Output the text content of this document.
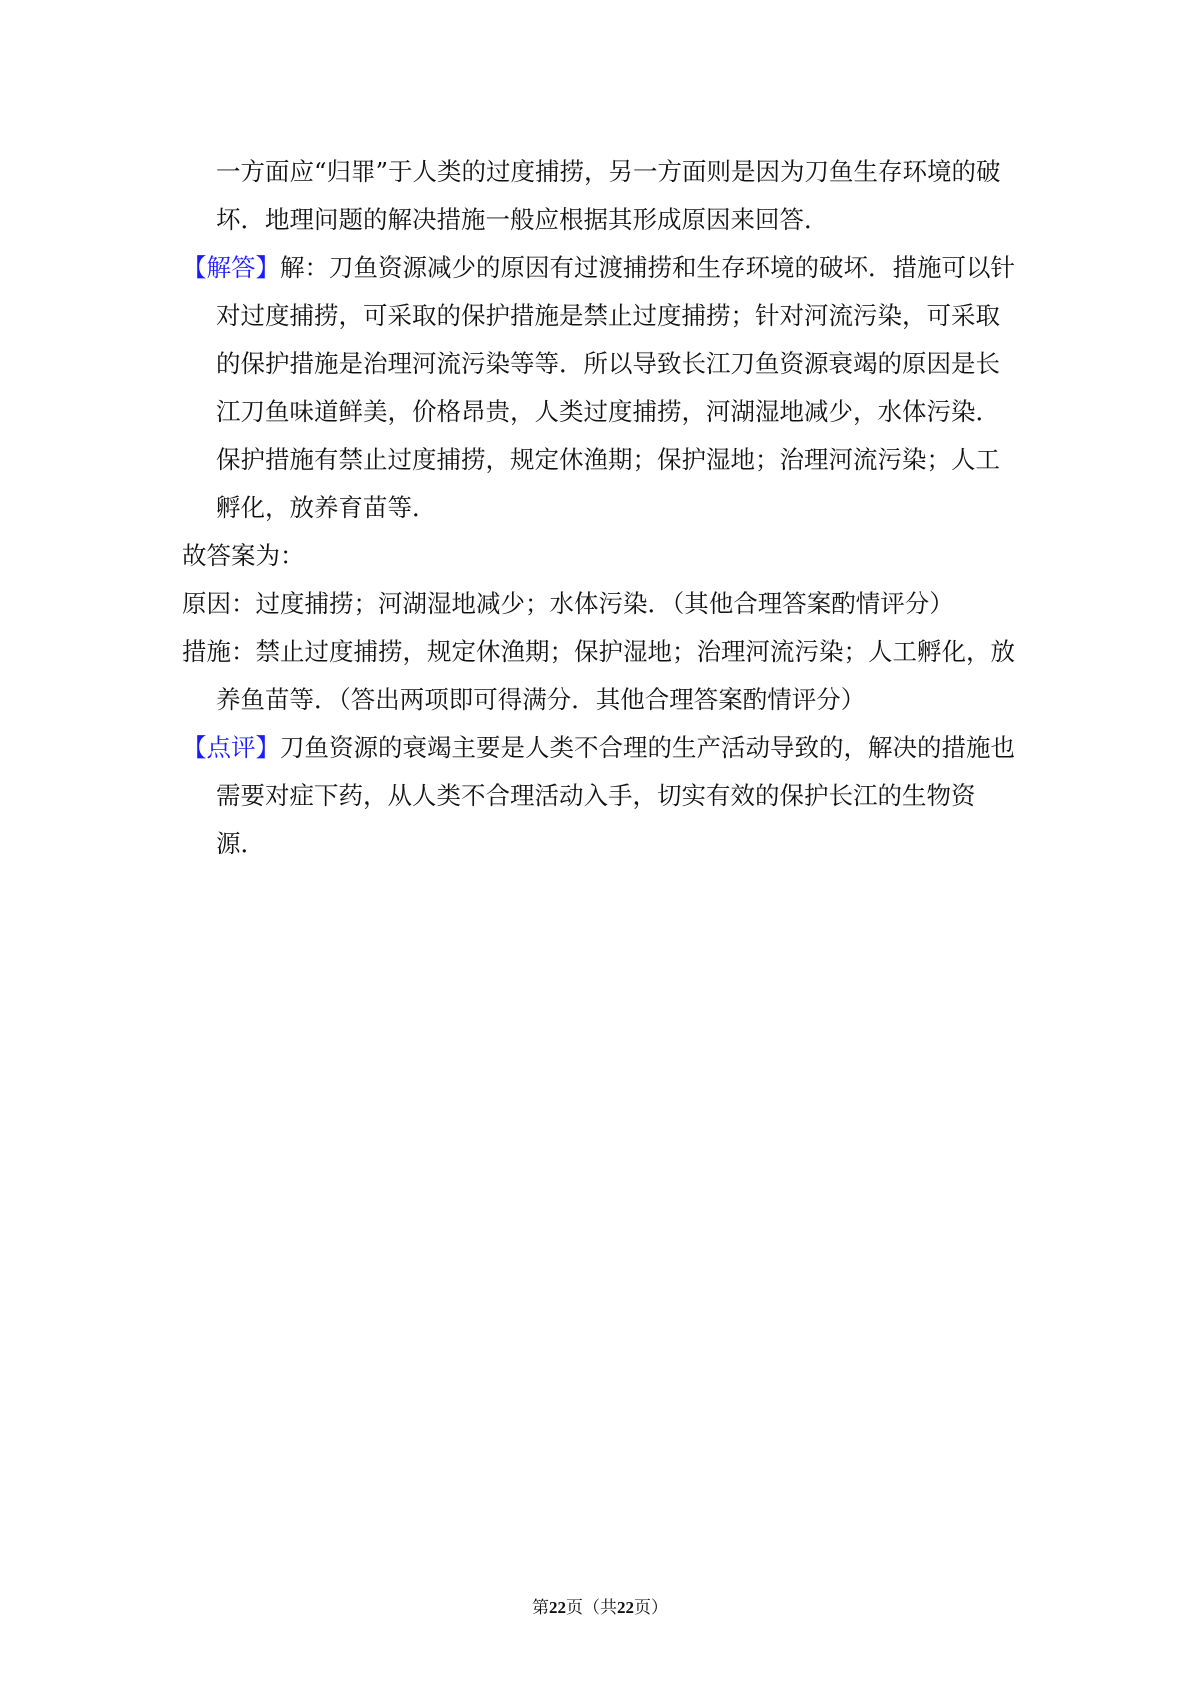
一方面应“归罪”于人类的过度捕捞，另一方面则是因为刀鱼生存环境的破坏．地理问题的解决措施一般应根据其形成原因来回答．

【解答】解：刀鱼资源减少的原因有过渡捕捞和生存环境的破坏．措施可以针对过度捕捞，可采取的保护措施是禁止过度捕捞；针对河流污染，可采取的保护措施是治理河流污染等等．所以导致长江刀鱼资源衰竭的原因是长江刀鱼味道鲜美，价格昂贵，人类过度捕捞，河湖湿地减少，水体污染．保护措施有禁止过度捕捞，规定休渔期；保护湿地；治理河流污染；人工孵化，放养育苗等．

故答案为：

原因：过度捕捞；河湖湿地减少；水体污染．（其他合理答案酌情评分）

措施：禁止过度捕捞，规定休渔期；保护湿地；治理河流污染；人工孵化，放养鱼苗等．（答出两项即可得满分．其他合理答案酌情评分）

【点评】刀鱼资源的衰竭主要是人类不合理的生产活动导致的，解决的措施也需要对症下药，从人类不合理活动入手，切实有效的保护长江的生物资源．

第22页（共22页）
